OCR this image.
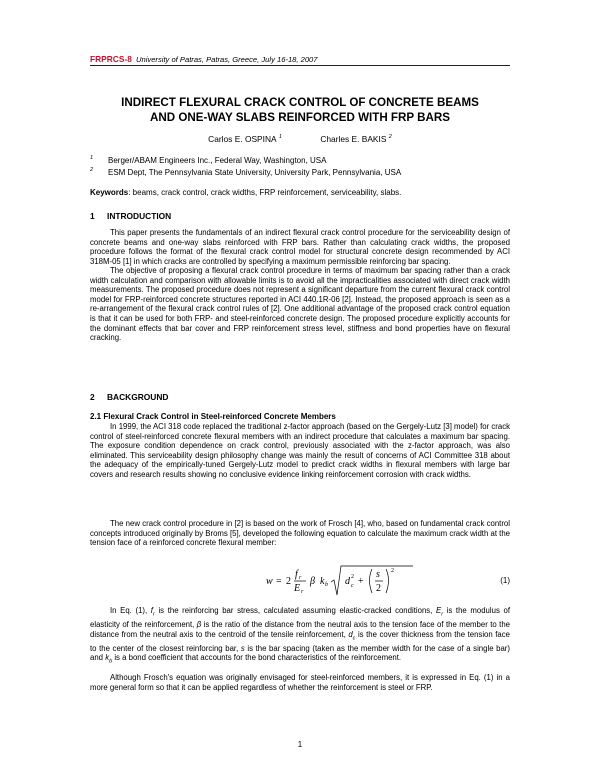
FRPRCS-8 University of Patras, Patras, Greece, July 16-18, 2007
INDIRECT FLEXURAL CRACK CONTROL OF CONCRETE BEAMS
AND ONE-WAY SLABS REINFORCED WITH FRP BARS
Carlos E. OSPINA $^1$	Charles E. BAKIS $^2$
$^1$ Berger/ABAM Engineers Inc., Federal Way, Washington, USA
$^2$ ESM Dept, The Pennsylvania State University, University Park, Pennsylvania, USA
Keywords: beams, crack control, crack widths, FRP reinforcement, serviceability, slabs.
1 INTRODUCTION

This paper presents the fundamentals of an indirect flexural crack control procedure for the serviceability design of concrete beams and one-way slabs reinforced with FRP bars. Rather than calculating crack widths, the proposed procedure follows the format of the flexural crack control model for structural concrete design recommended by ACI 318M-05 [1] in which cracks are controlled by specifying a maximum permissible reinforcing bar spacing.

The objective of proposing a flexural crack control procedure in terms of maximum bar spacing rather than a crack width calculation and comparison with allowable limits is to avoid all the impracticalities associated with direct crack width measurements. The proposed procedure does not represent a significant departure from the current flexural crack control model for FRP-reinforced concrete structures reported in ACI 440.1R-06 [2]. Instead, the proposed approach is seen as a re-arrangement of the flexural crack control rules of [2]. One additional advantage of the proposed crack control equation is that it can be used for both FRP- and steel-reinforced concrete design. The proposed procedure explicitly accounts for the dominant effects that bar cover and FRP reinforcement stress level, stiffness and bond properties have on flexural cracking.

2 BACKGROUND
2.1 Flexural Crack Control in Steel-reinforced Concrete Members

In 1999, the ACI 318 code replaced the traditional z-factor approach (based on the Gergely-Lutz [3] model) for crack control of steel-reinforced concrete flexural members with an indirect procedure that calculates a maximum bar spacing. The exposure condition dependence on crack control, previously associated with the z-factor approach, was also eliminated. This serviceability design philosophy change was mainly the result of concerns of ACI Committee 318 about the adequacy of the empirically-tuned Gergely-Lutz model to predict crack widths in flexural members with large bar covers and research results showing no conclusive evidence linking reinforcement corrosion with crack widths.

The new crack control procedure in [2] is based on the work of Frosch [4], who, based on fundamental crack control concepts introduced originally by Broms [5], developed the following equation to calculate the maximum crack width at the tension face of a reinforced concrete flexural member:

w = 2
f r
E r
β k b d 2
c +
s
2
2
(1)

In Eq. (1), $f_r$ is the reinforcing bar stress, calculated assuming elastic-cracked conditions, $E_r$ is the modulus of elasticity of the reinforcement, β is the ratio of the distance from the neutral axis to the tension face of the member to the distance from the neutral axis to the centroid of the tensile reinforcement, $d_c$ is the cover thickness from the tension face to the center of the closest reinforcing bar, s is the bar spacing (taken as the member width for the case of a single bar) and $k_b$ is a bond coefficient that accounts for the bond characteristics of the reinforcement.

Although Frosch's equation was originally envisaged for steel-reinforced members, it is expressed in Eq. (1) in a more general form so that it can be applied regardless of whether the reinforcement is steel or FRP.

1
